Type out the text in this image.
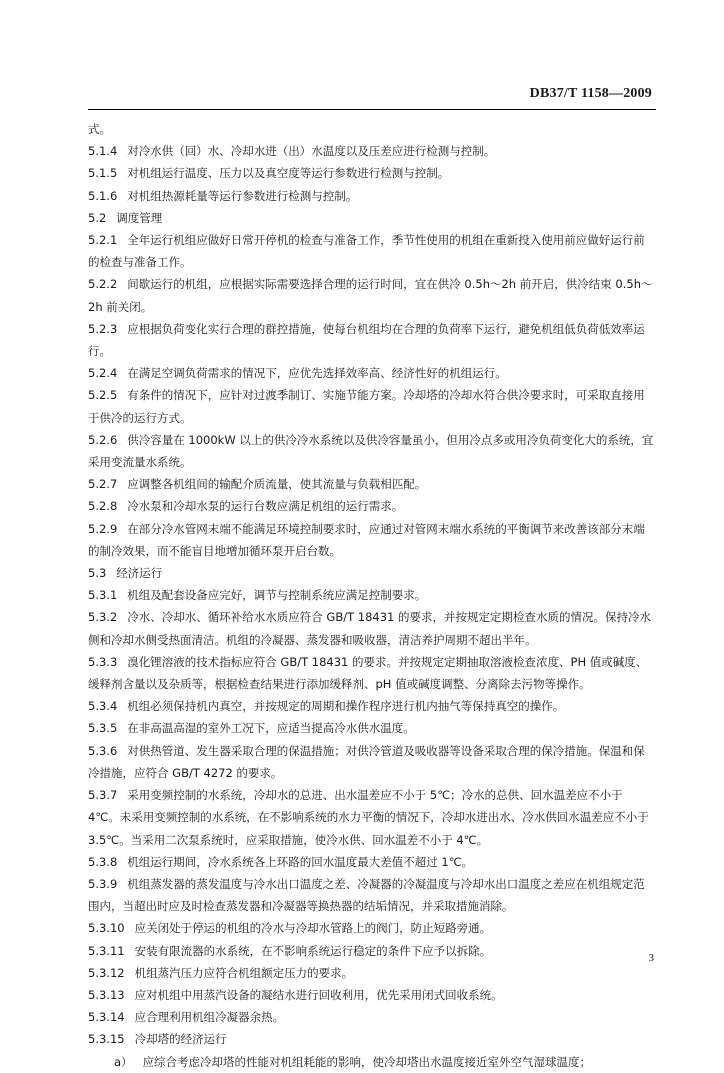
DB37/T 1158—2009

式。

5.1.4 对冷水供（回）水、冷却水进（出）水温度以及压差应进行检测与控制。

5.1.5 对机组运行温度、压力以及真空度等运行参数进行检测与控制。

5.1.6 对机组热源耗量等运行参数进行检测与控制。

5.2 调度管理

5.2.1 全年运行机组应做好日常开停机的检查与准备工作，季节性使用的机组在重新投入使用前应做好运行前的检查与准备工作。

5.2.2 间歇运行的机组，应根据实际需要选择合理的运行时间，宜在供冷 0.5h～2h 前开启，供冷结束 0.5h～2h 前关闭。

5.2.3 应根据负荷变化实行合理的群控措施，使每台机组均在合理的负荷率下运行，避免机组低负荷低效率运行。

5.2.4 在满足空调负荷需求的情况下，应优先选择效率高、经济性好的机组运行。

5.2.5 有条件的情况下，应针对过渡季制订、实施节能方案。冷却塔的冷却水符合供冷要求时，可采取直接用于供冷的运行方式。

5.2.6 供冷容量在 1000kW 以上的供冷冷水系统以及供冷容量虽小，但用冷点多或用冷负荷变化大的系统，宜采用变流量水系统。

5.2.7 应调整各机组间的输配介质流量，使其流量与负载相匹配。

5.2.8 冷水泵和冷却水泵的运行台数应满足机组的运行需求。

5.2.9 在部分冷水管网末端不能满足环境控制要求时，应通过对管网末端水系统的平衡调节来改善该部分末端的制冷效果，而不能盲目地增加循环泵开启台数。

5.3 经济运行

5.3.1 机组及配套设备应完好，调节与控制系统应满足控制要求。

5.3.2 冷水、冷却水、循环补给水水质应符合 GB/T 18431 的要求，并按规定定期检查水质的情况。保持冷水侧和冷却水侧受热面清洁。机组的冷凝器、蒸发器和吸收器，清洁养护周期不超出半年。

5.3.3 溴化锂溶液的技术指标应符合 GB/T 18431 的要求。并按规定定期抽取溶液检查浓度、PH 值或碱度、缓释剂含量以及杂质等，根据检查结果进行添加缓释剂、pH 值或碱度调整、分离除去污物等操作。

5.3.4 机组必须保持机内真空，并按规定的周期和操作程序进行机内抽气等保持真空的操作。

5.3.5 在非高温高湿的室外工况下，应适当提高冷水供水温度。

5.3.6 对供热管道、发生器采取合理的保温措施；对供冷管道及吸收器等设备采取合理的保冷措施。保温和保冷措施，应符合 GB/T 4272 的要求。

5.3.7 采用变频控制的水系统，冷却水的总进、出水温差应不小于 5℃；冷水的总供、回水温差应不小于 4℃。未采用变频控制的水系统，在不影响系统的水力平衡的情况下，冷却水进出水、冷水供回水温差应不小于 3.5℃。当采用二次泵系统时，应采取措施，使冷水供、回水温差不小于 4℃。

5.3.8 机组运行期间，冷水系统各上环路的回水温度最大差值不超过 1℃。

5.3.9 机组蒸发器的蒸发温度与冷水出口温度之差、冷凝器的冷凝温度与冷却水出口温度之差应在机组规定范围内，当超出时应及时检查蒸发器和冷凝器等换热器的结垢情况，并采取措施消除。

5.3.10 应关闭处于停运的机组的冷水与冷却水管路上的阀门，防止短路旁通。

5.3.11 安装有限流器的水系统，在不影响系统运行稳定的条件下应予以拆除。

5.3.12 机组蒸汽压力应符合机组额定压力的要求。

5.3.13 应对机组中用蒸汽设备的凝结水进行回收利用，优先采用闭式回收系统。

5.3.14 应合理利用机组冷凝器余热。

5.3.15 冷却塔的经济运行

a） 应综合考虑冷却塔的性能对机组耗能的影响，使冷却塔出水温度接近室外空气湿球温度；

3
